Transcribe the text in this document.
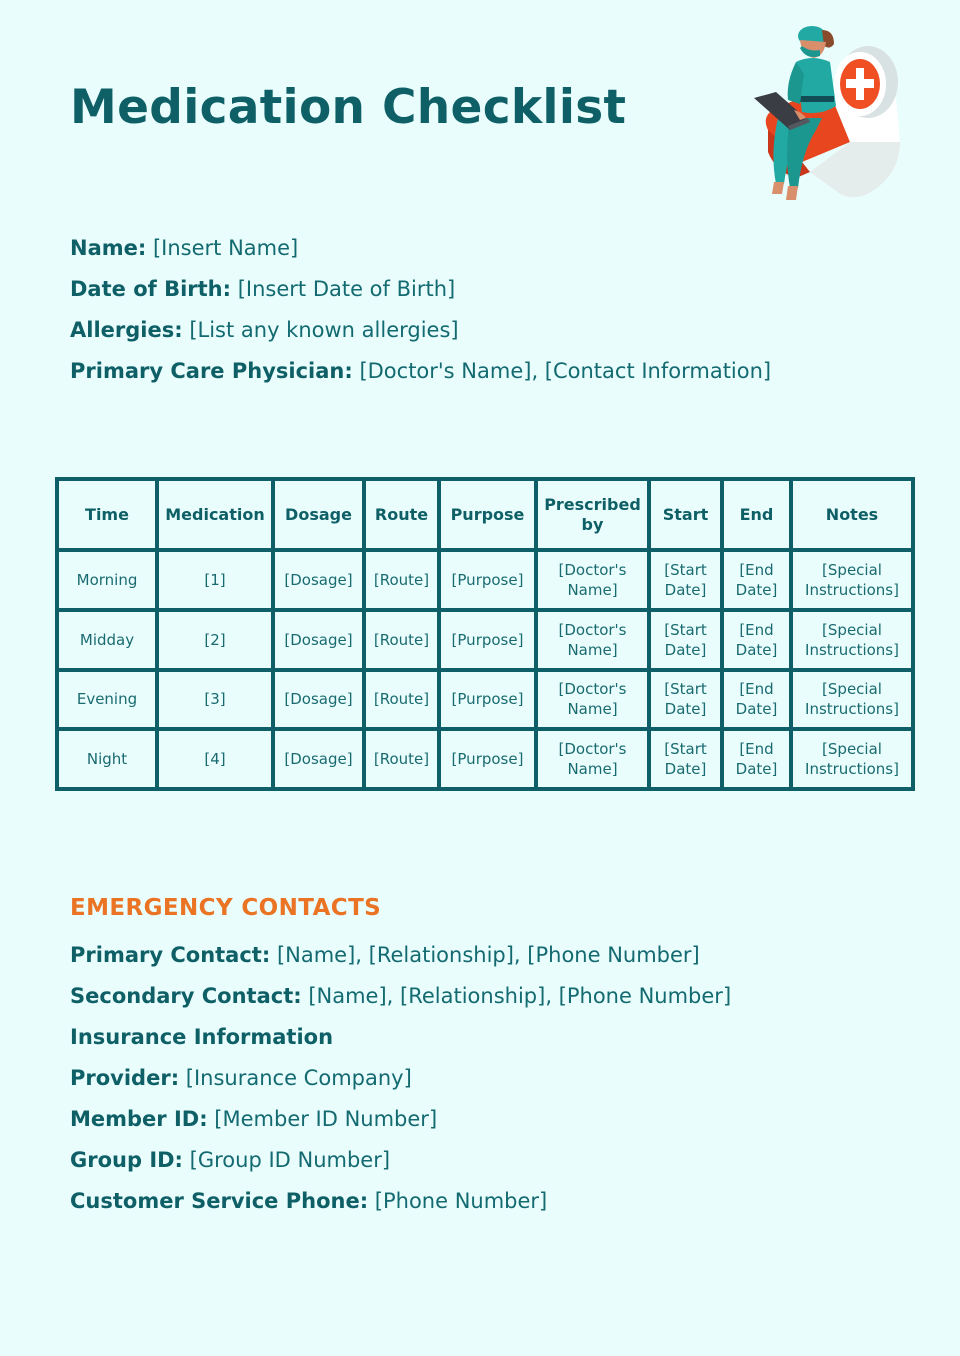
Medication Checklist
Name: [Insert Name]
Date of Birth: [Insert Date of Birth]
Allergies: [List any known allergies]
Primary Care Physician: [Doctor's Name], [Contact Information]
Time	Medication	Dosage	Route	Purpose	Prescribed by	Start	End	Notes
Morning	[1]	[Dosage]	[Route]	[Purpose]	[Doctor's Name]	[Start Date]	[End Date]	[Special Instructions]
Midday	[2]	[Dosage]	[Route]	[Purpose]	[Doctor's Name]	[Start Date]	[End Date]	[Special Instructions]
Evening	[3]	[Dosage]	[Route]	[Purpose]	[Doctor's Name]	[Start Date]	[End Date]	[Special Instructions]
Night	[4]	[Dosage]	[Route]	[Purpose]	[Doctor's Name]	[Start Date]	[End Date]	[Special Instructions]
EMERGENCY CONTACTS
Primary Contact: [Name], [Relationship], [Phone Number]
Secondary Contact: [Name], [Relationship], [Phone Number]
Insurance Information
Provider: [Insurance Company]
Member ID: [Member ID Number]
Group ID: [Group ID Number]
Customer Service Phone: [Phone Number]
